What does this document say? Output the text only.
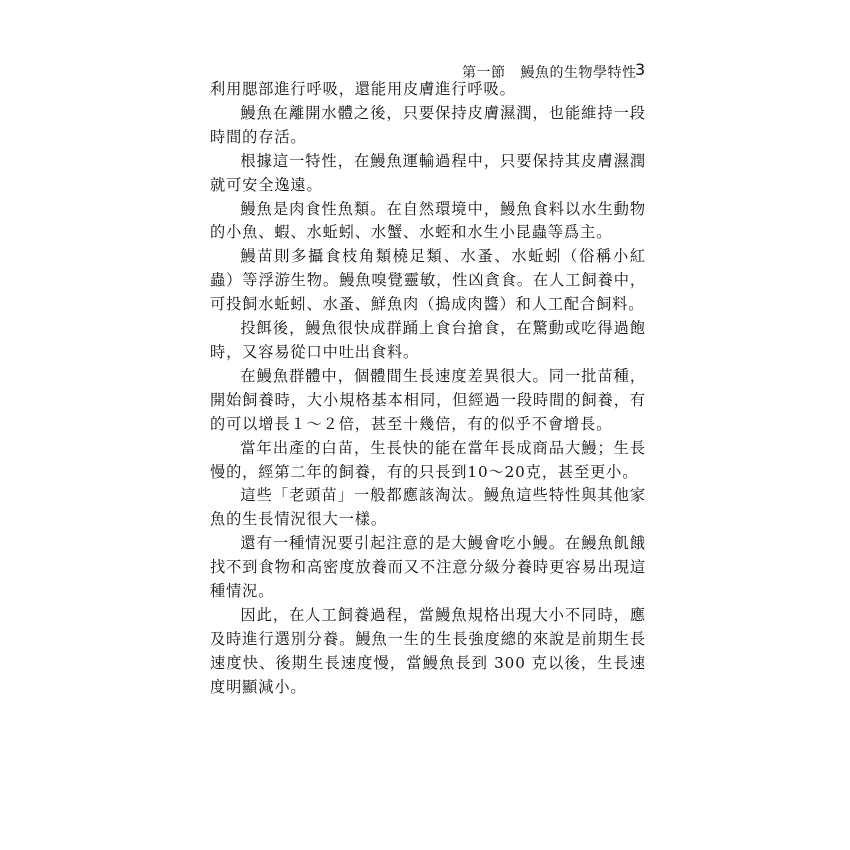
第一節 鰻魚的生物學特性
3

利用腮部進行呼吸，還能用皮膚進行呼吸。

鰻魚在離開水體之後，只要保持皮膚濕潤，也能維持一段時間的存活。

根據這一特性，在鰻魚運輸過程中，只要保持其皮膚濕潤就可安全逸遠。

鰻魚是肉食性魚類。在自然環境中，鰻魚食料以水生動物的小魚、蝦、水蚯蚓、水蟹、水蛭和水生小昆蟲等爲主。

鰻苗則多攝食枝角類橈足類、水蚤、水蚯蚓（俗稱小紅蟲）等浮游生物。鰻魚嗅覺靈敏，性凶貪食。在人工飼養中，可投飼水蚯蚓、水蚤、鮮魚肉（搗成肉醬）和人工配合飼料。

投餌後，鰻魚很快成群踊上食台搶食，在驚動或吃得過飽時，又容易從口中吐出食料。

在鰻魚群體中，個體間生長速度差異很大。同一批苗種，開始飼養時，大小規格基本相同，但經過一段時間的飼養，有的可以增長１～２倍，甚至十幾倍，有的似乎不會增長。

當年出產的白苗，生長快的能在當年長成商品大鰻；生長慢的，經第二年的飼養，有的只長到10～20克，甚至更小。

這些「老頭苗」一般都應該淘汰。鰻魚這些特性與其他家魚的生長情況很大一樣。

還有一種情況要引起注意的是大鰻會吃小鰻。在鰻魚飢餓找不到食物和高密度放養而又不注意分級分養時更容易出現這種情況。

因此，在人工飼養過程，當鰻魚規格出現大小不同時，應及時進行選別分養。鰻魚一生的生長強度總的來說是前期生長速度快、後期生長速度慢，當鰻魚長到 300 克以後，生長速度明顯減小。
